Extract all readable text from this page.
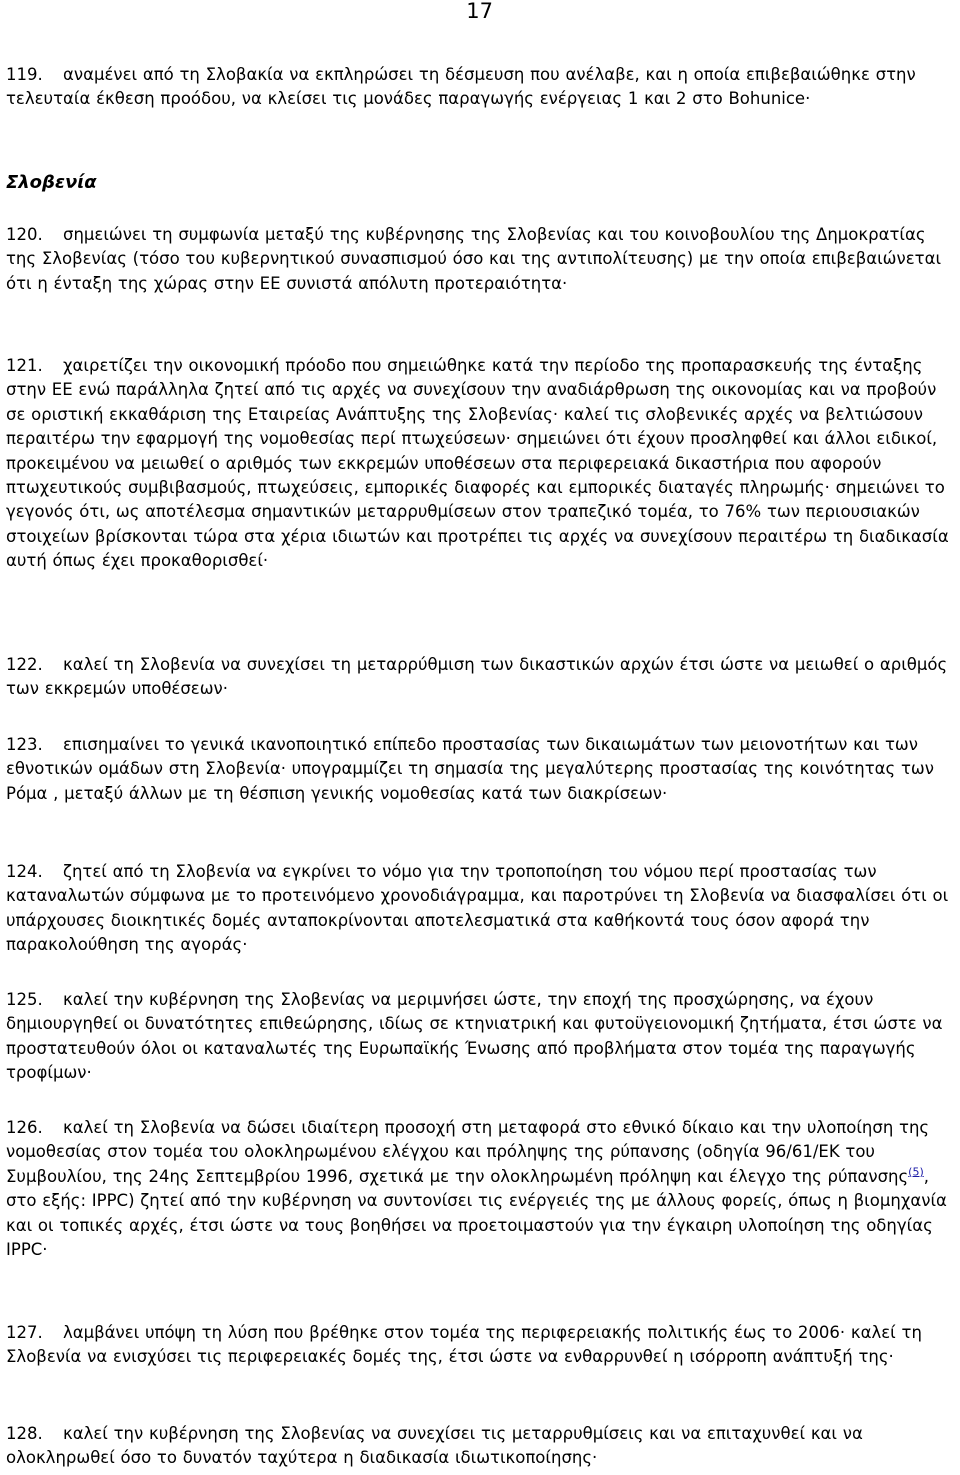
17
119. αναμένει από τη Σλοβακία να εκπληρώσει τη δέσμευση που ανέλαβε, και η οποία επιβεβαιώθηκε στην τελευταία έκθεση προόδου, να κλείσει τις μονάδες παραγωγής ενέργειας 1 και 2 στο Bohunice·
Σλοβενία
120. σημειώνει τη συμφωνία μεταξύ της κυβέρνησης της Σλοβενίας και του κοινοβουλίου της Δημοκρατίας της Σλοβενίας (τόσο του κυβερνητικού συνασπισμού όσο και της αντιπολίτευσης) με την οποία επιβεβαιώνεται ότι η ένταξη της χώρας στην ΕΕ συνιστά απόλυτη προτεραιότητα·
121. χαιρετίζει την οικονομική πρόοδο που σημειώθηκε κατά την περίοδο της προπαρασκευής της ένταξης στην ΕΕ ενώ παράλληλα ζητεί από τις αρχές να συνεχίσουν την αναδιάρθρωση της οικονομίας και να προβούν σε οριστική εκκαθάριση της Εταιρείας Ανάπτυξης της Σλοβενίας· καλεί τις σλοβενικές αρχές να βελτιώσουν περαιτέρω την εφαρμογή της νομοθεσίας περί πτωχεύσεων· σημειώνει ότι έχουν προσληφθεί και άλλοι ειδικοί, προκειμένου να μειωθεί ο αριθμός των εκκρεμών υποθέσεων στα περιφερειακά δικαστήρια που αφορούν πτωχευτικούς συμβιβασμούς, πτωχεύσεις, εμπορικές διαφορές και εμπορικές διαταγές πληρωμής· σημειώνει το γεγονός ότι, ως αποτέλεσμα σημαντικών μεταρρυθμίσεων στον τραπεζικό τομέα, το 76% των περιουσιακών στοιχείων βρίσκονται τώρα στα χέρια ιδιωτών και προτρέπει τις αρχές να συνεχίσουν περαιτέρω τη διαδικασία αυτή όπως έχει προκαθορισθεί·
122. καλεί τη Σλοβενία να συνεχίσει τη μεταρρύθμιση των δικαστικών αρχών έτσι ώστε να μειωθεί ο αριθμός των εκκρεμών υποθέσεων·
123. επισημαίνει το γενικά ικανοποιητικό επίπεδο προστασίας των δικαιωμάτων των μειονοτήτων και των εθνοτικών ομάδων στη Σλοβενία· υπογραμμίζει τη σημασία της μεγαλύτερης προστασίας της κοινότητας των Ρόμα , μεταξύ άλλων με τη θέσπιση γενικής νομοθεσίας κατά των διακρίσεων·
124. ζητεί από τη Σλοβενία να εγκρίνει το νόμο για την τροποποίηση του νόμου περί προστασίας των καταναλωτών σύμφωνα με το προτεινόμενο χρονοδιάγραμμα, και παροτρύνει τη Σλοβενία να διασφαλίσει ότι οι υπάρχουσες διοικητικές δομές ανταποκρίνονται αποτελεσματικά στα καθήκοντά τους όσον αφορά την παρακολούθηση της αγοράς·
125. καλεί την κυβέρνηση της Σλοβενίας να μεριμνήσει ώστε, την εποχή της προσχώρησης, να έχουν δημιουργηθεί οι δυνατότητες επιθεώρησης, ιδίως σε κτηνιατρική και φυτοϋγειονομική ζητήματα, έτσι ώστε να προστατευθούν όλοι οι καταναλωτές της Ευρωπαϊκής Ένωσης από προβλήματα στον τομέα της παραγωγής τροφίμων·
126. καλεί τη Σλοβενία να δώσει ιδιαίτερη προσοχή στη μεταφορά στο εθνικό δίκαιο και την υλοποίηση της νομοθεσίας στον τομέα του ολοκληρωμένου ελέγχου και πρόληψης της ρύπανσης (οδηγία 96/61/ΕΚ του Συμβουλίου, της 24ης Σεπτεμβρίου 1996, σχετικά με την ολοκληρωμένη πρόληψη και έλεγχο της ρύπανσης$^{(5)}$, στο εξής: IPPC) ζητεί από την κυβέρνηση να συντονίσει τις ενέργειές της με άλλους φορείς, όπως η βιομηχανία και οι τοπικές αρχές, έτσι ώστε να τους βοηθήσει να προετοιμαστούν για την έγκαιρη υλοποίηση της οδηγίας IPPC·
127. λαμβάνει υπόψη τη λύση που βρέθηκε στον τομέα της περιφερειακής πολιτικής έως το 2006· καλεί τη Σλοβενία να ενισχύσει τις περιφερειακές δομές της, έτσι ώστε να ενθαρρυνθεί η ισόρροπη ανάπτυξή της·
128. καλεί την κυβέρνηση της Σλοβενίας να συνεχίσει τις μεταρρυθμίσεις και να επιταχυνθεί και να ολοκληρωθεί όσο το δυνατόν ταχύτερα η διαδικασία ιδιωτικοποίησης·
